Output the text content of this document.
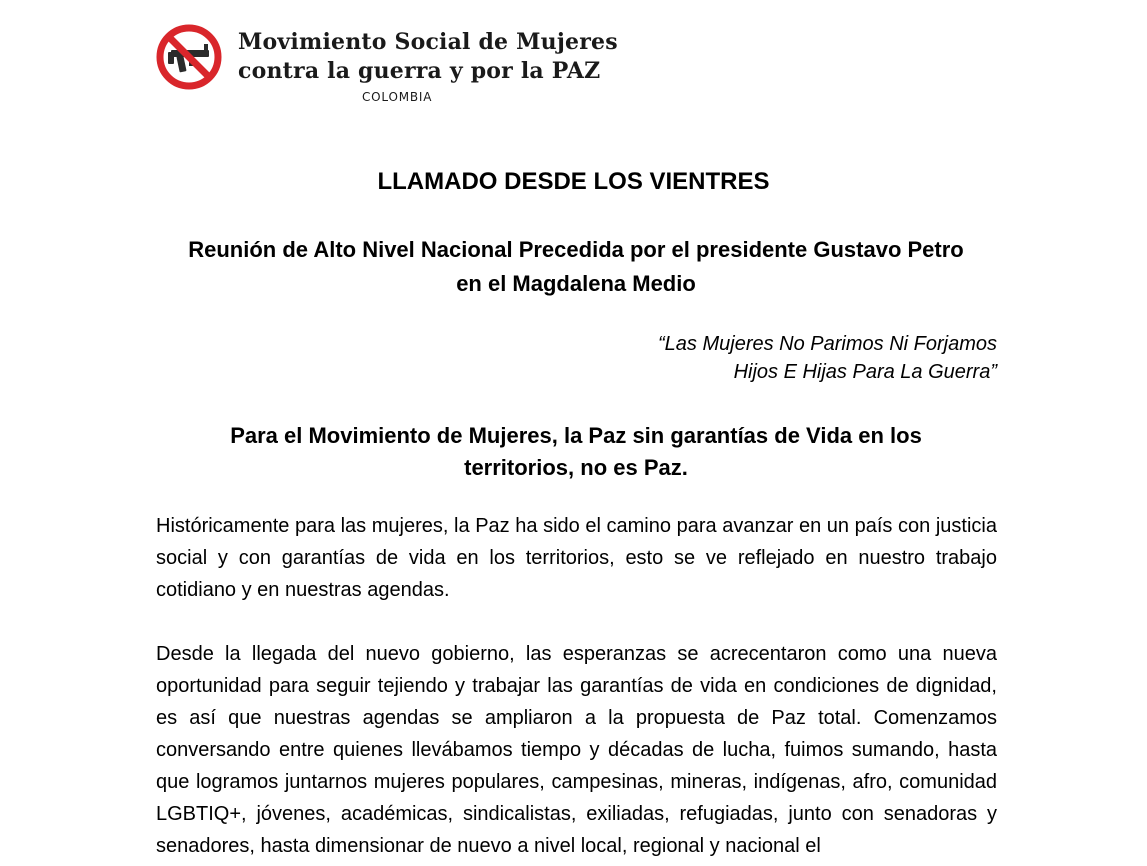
Movimiento Social de Mujeres
contra la guerra y por la PAZ
COLOMBIA
LLAMADO DESDE LOS VIENTRES
Reunión de Alto Nivel Nacional Precedida por el presidente Gustavo Petro
en el Magdalena Medio
“Las Mujeres No Parimos Ni Forjamos
Hijos E Hijas Para La Guerra”
Para el Movimiento de Mujeres, la Paz sin garantías de Vida en los
territorios, no es Paz.

Históricamente para las mujeres, la Paz ha sido el camino para avanzar en un país con justicia social y con garantías de vida en los territorios, esto se ve reflejado en nuestro trabajo cotidiano y en nuestras agendas.

Desde la llegada del nuevo gobierno, las esperanzas se acrecentaron como una nueva oportunidad para seguir tejiendo y trabajar las garantías de vida en condiciones de dignidad, es así que nuestras agendas se ampliaron a la propuesta de Paz total. Comenzamos conversando entre quienes llevábamos tiempo y décadas de lucha, fuimos sumando, hasta que logramos juntarnos mujeres populares, campesinas, mineras, indígenas, afro, comunidad LGBTIQ+, jóvenes, académicas, sindicalistas, exiliadas, refugiadas, junto con senadoras y senadores, hasta dimensionar de nuevo a nivel local, regional y nacional el
